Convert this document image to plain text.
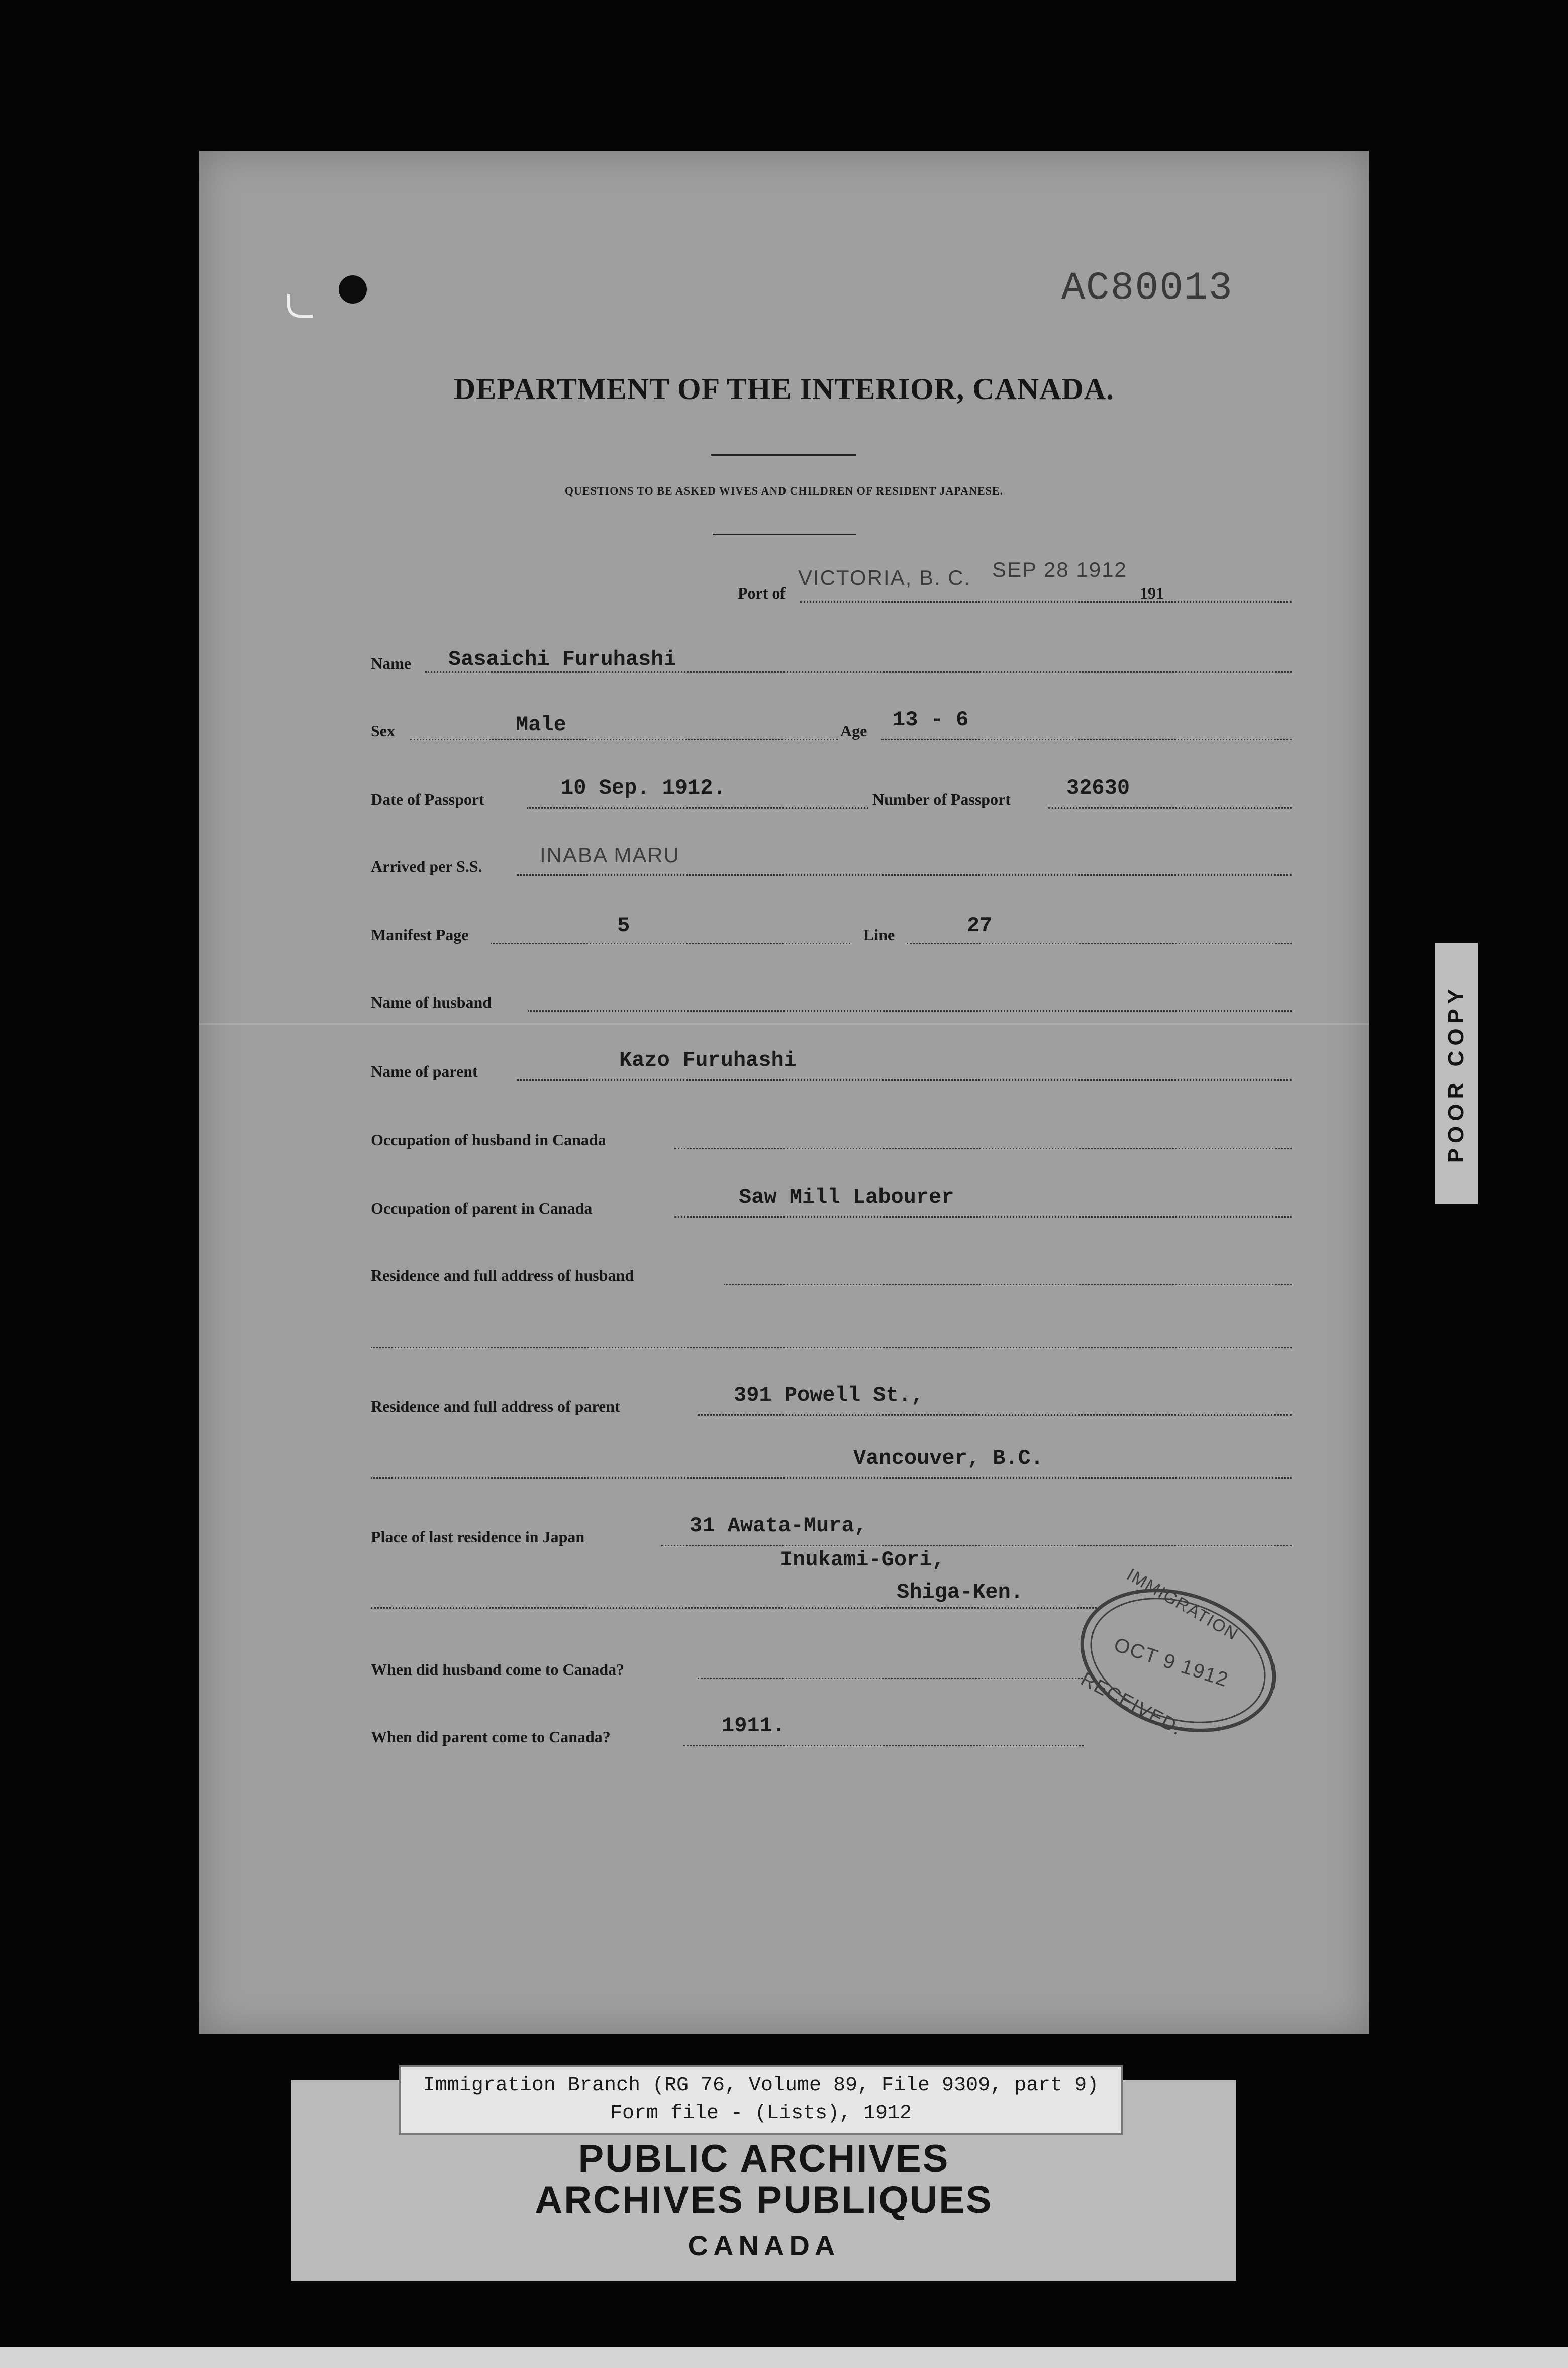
AC80013
DEPARTMENT OF THE INTERIOR, CANADA.
QUESTIONS TO BE ASKED WIVES AND CHILDREN OF RESIDENT JAPANESE.
Port of
VICTORIA, B. C. SEP 28 1912
191
Name Sasaichi Furuhashi
Sex	Male	Age 13 - 6
Date of Passport	10 Sep. 1912.	Number of Passport	32630
Arrived per S.S.	INABA MARU
Manifest Page	5	Line	27
Name of husband
Name of parent	Kazo Furuhashi
Occupation of husband in Canada
Occupation of parent in Canada	Saw Mill Labourer
Residence and full address of husband
Residence and full address of parent	391 Powell St.,
Vancouver, B.C.
Place of last residence in Japan	31 Awata-Mura,
Inukami-Gori,
Shiga-Ken.
When did husband come to Canada?
When did parent come to Canada?	1911.
IMMIGRATION
OCT 9 1912
RECEIVED.
POOR COPY
Immigration Branch (RG 76, Volume 89, File 9309, part 9)
Form file - (Lists), 1912
PUBLIC ARCHIVES
ARCHIVES PUBLIQUES
CANADA
